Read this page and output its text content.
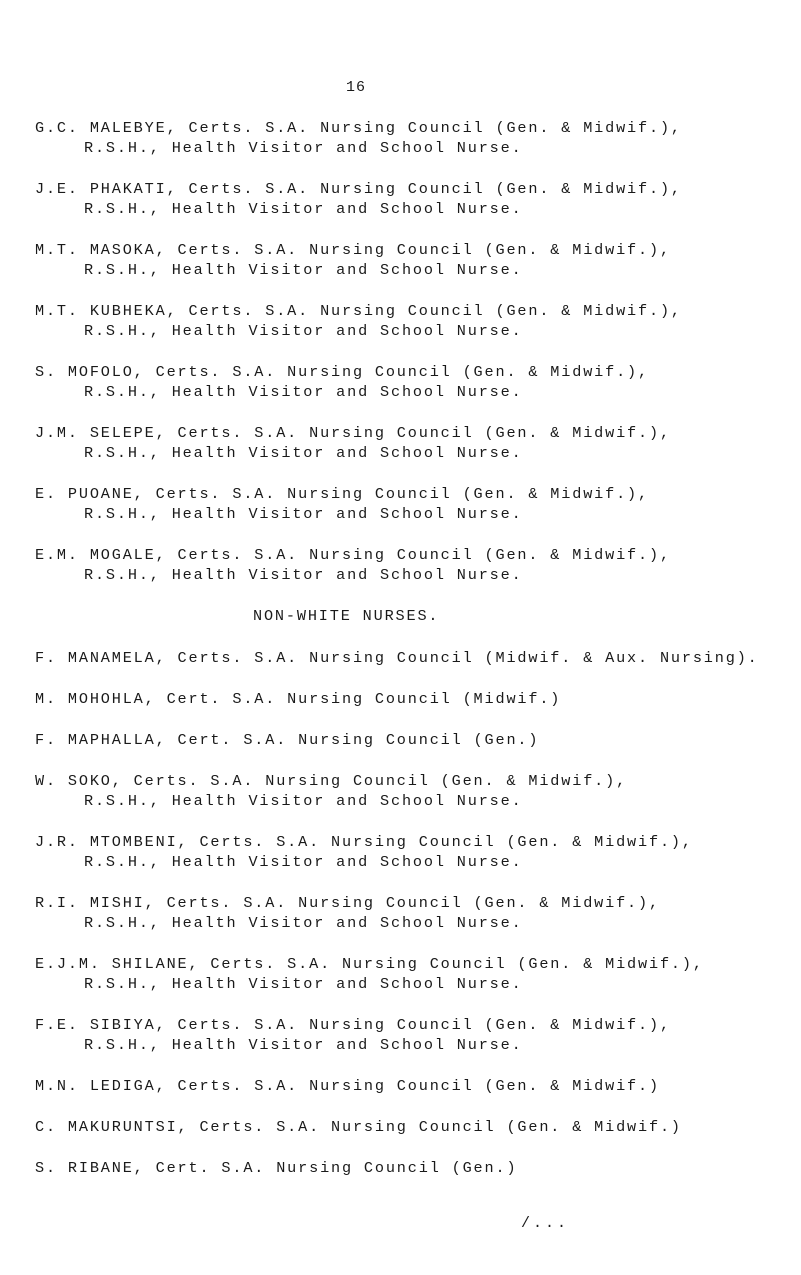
16
G.C. MALEBYE, Certs. S.A. Nursing Council (Gen. & Midwif.),
R.S.H., Health Visitor and School Nurse.
J.E. PHAKATI, Certs. S.A. Nursing Council (Gen. & Midwif.),
R.S.H., Health Visitor and School Nurse.
M.T. MASOKA, Certs. S.A. Nursing Council (Gen. & Midwif.),
R.S.H., Health Visitor and School Nurse.
M.T. KUBHEKA, Certs. S.A. Nursing Council (Gen. & Midwif.),
R.S.H., Health Visitor and School Nurse.
S. MOFOLO, Certs. S.A. Nursing Council (Gen. & Midwif.),
R.S.H., Health Visitor and School Nurse.
J.M. SELEPE, Certs. S.A. Nursing Council (Gen. & Midwif.),
R.S.H., Health Visitor and School Nurse.
E. PUOANE, Certs. S.A. Nursing Council (Gen. & Midwif.),
R.S.H., Health Visitor and School Nurse.
E.M. MOGALE, Certs. S.A. Nursing Council (Gen. & Midwif.),
R.S.H., Health Visitor and School Nurse.
NON-WHITE NURSES.
F. MANAMELA, Certs. S.A. Nursing Council (Midwif. & Aux. Nursing).
M. MOHOHLA, Cert. S.A. Nursing Council (Midwif.)
F. MAPHALLA, Cert. S.A. Nursing Council (Gen.)
W. SOKO, Certs. S.A. Nursing Council (Gen. & Midwif.),
R.S.H., Health Visitor and School Nurse.
J.R. MTOMBENI, Certs. S.A. Nursing Council (Gen. & Midwif.),
R.S.H., Health Visitor and School Nurse.
R.I. MISHI, Certs. S.A. Nursing Council (Gen. & Midwif.),
R.S.H., Health Visitor and School Nurse.
E.J.M. SHILANE, Certs. S.A. Nursing Council (Gen. & Midwif.),
R.S.H., Health Visitor and School Nurse.
F.E. SIBIYA, Certs. S.A. Nursing Council (Gen. & Midwif.),
R.S.H., Health Visitor and School Nurse.
M.N. LEDIGA, Certs. S.A. Nursing Council (Gen. & Midwif.)
C. MAKURUNTSI, Certs. S.A. Nursing Council (Gen. & Midwif.)
S. RIBANE, Cert. S.A. Nursing Council (Gen.)
/...
